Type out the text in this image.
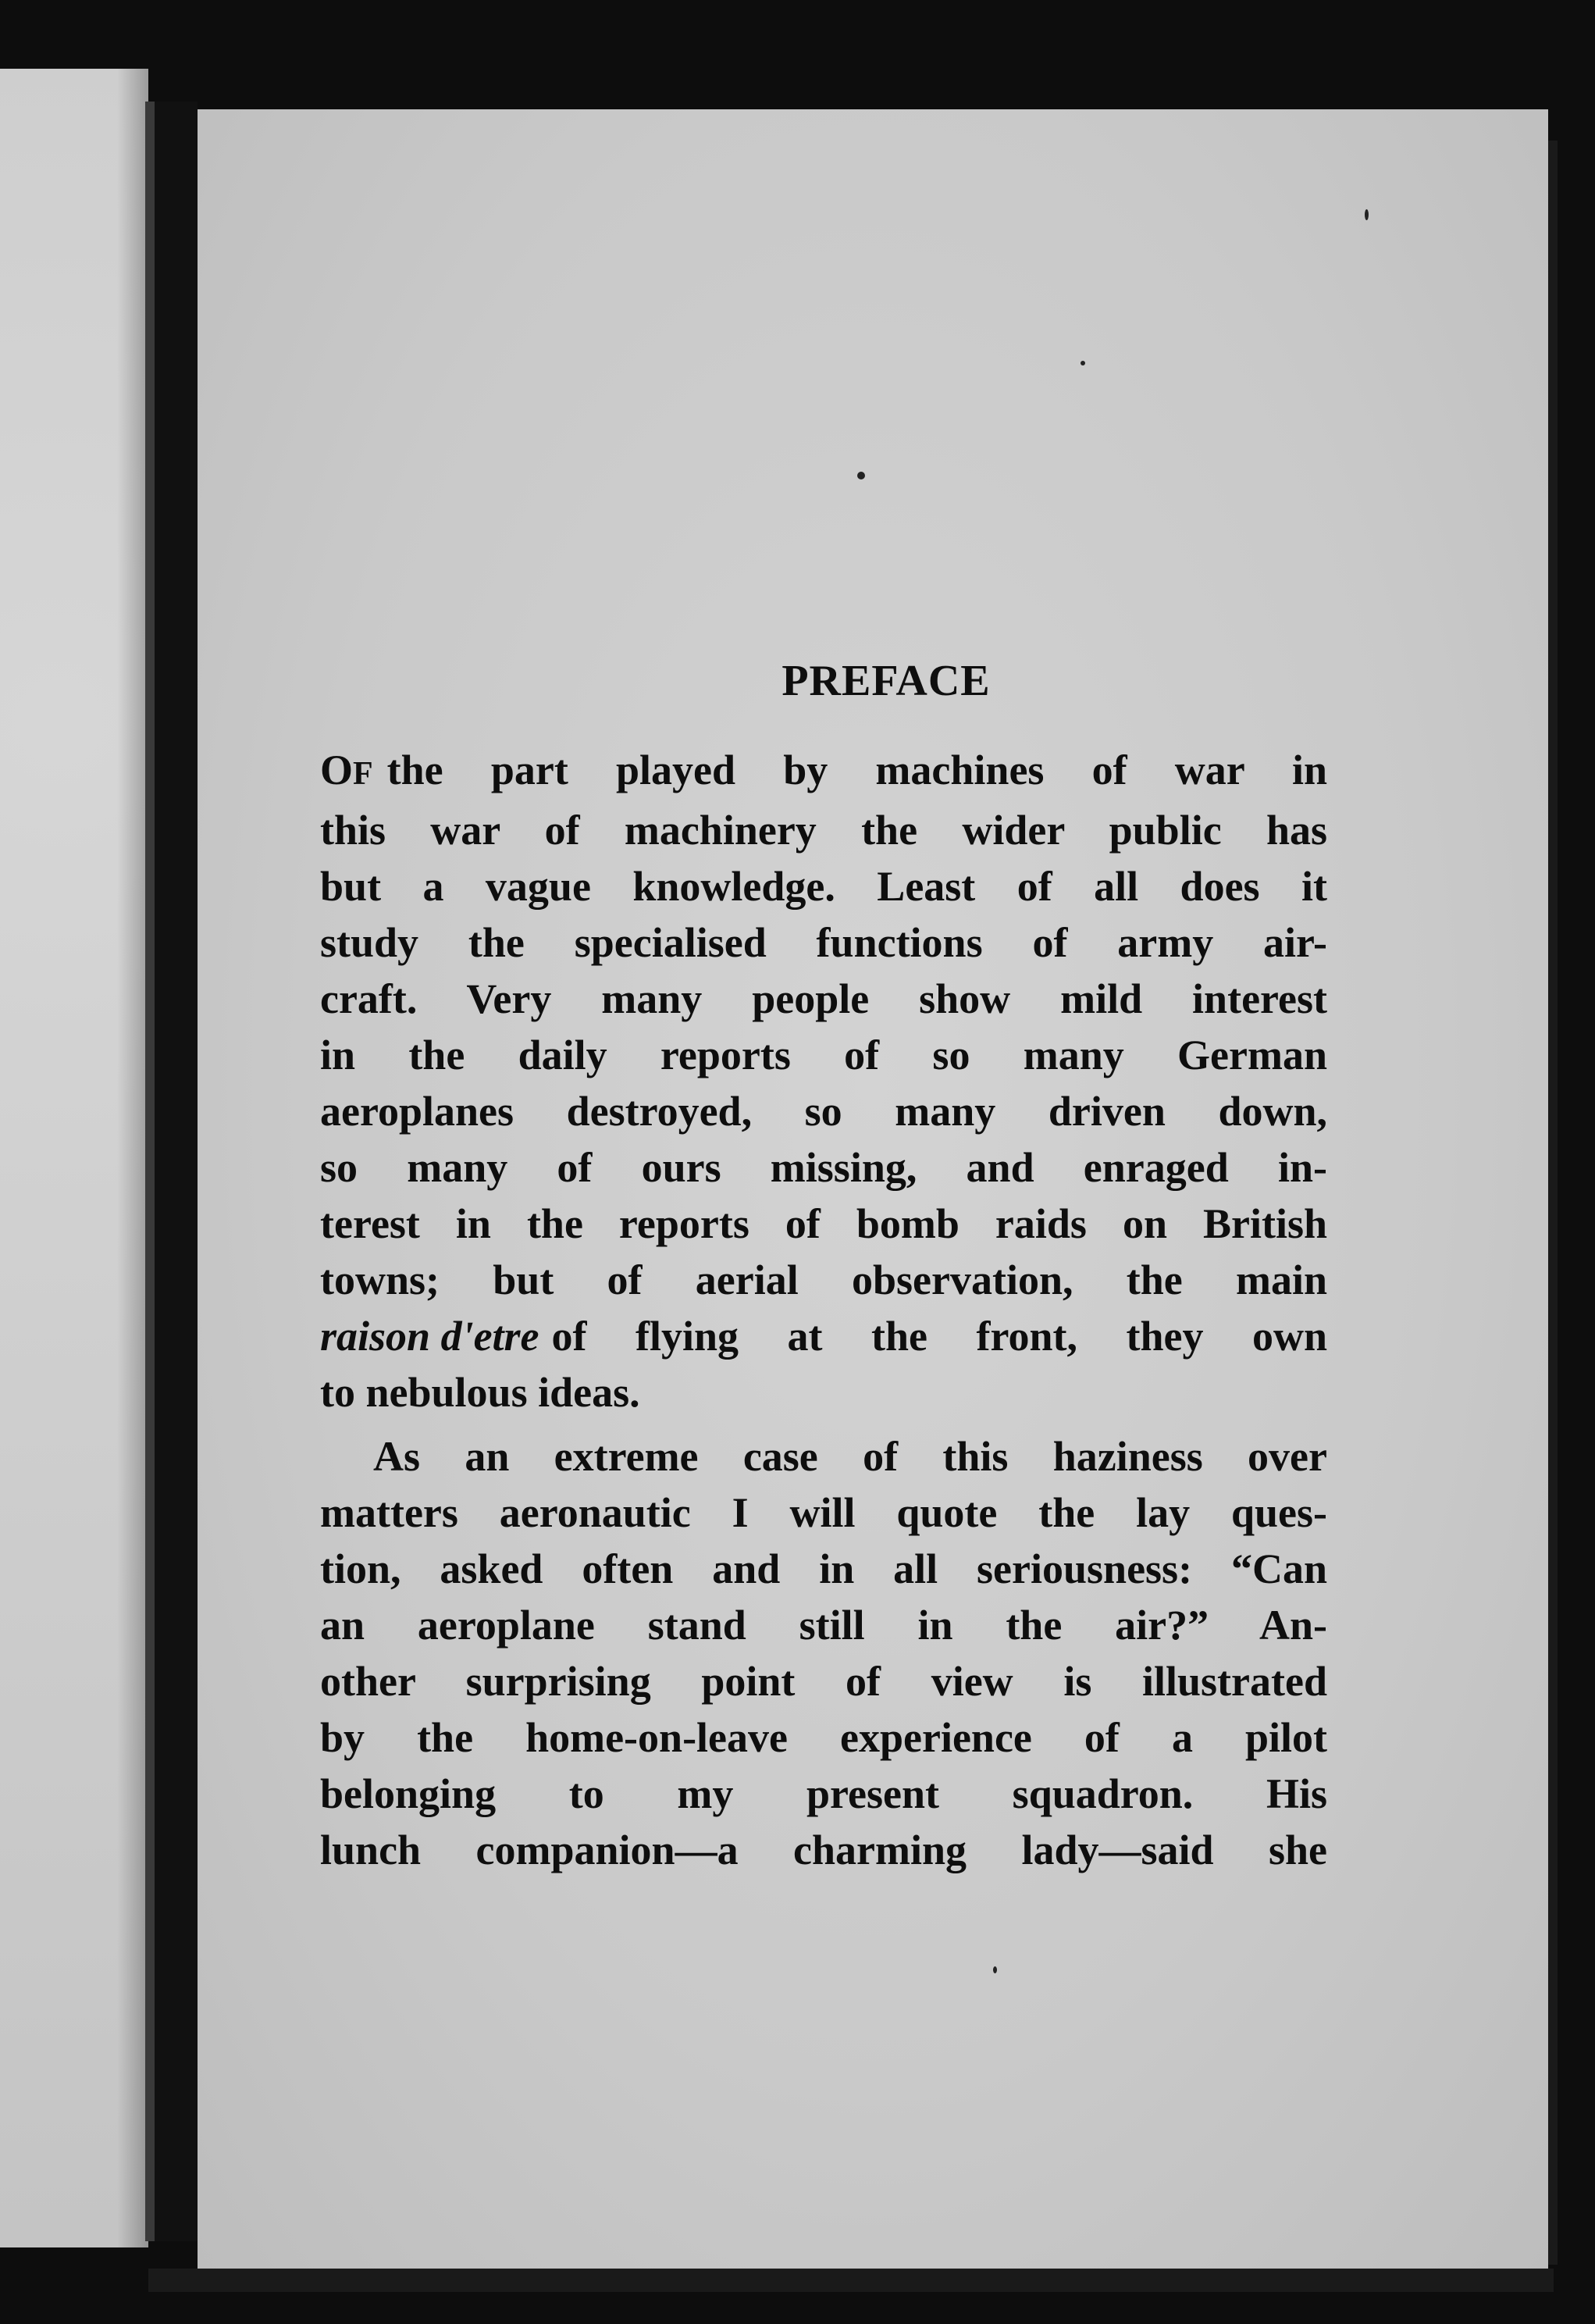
PREFACE
OF the part played by machines of war in
this war of machinery the wider public has
but a vague knowledge. Least of all does it
study the specialised functions of army air-
craft. Very many people show mild interest
in the daily reports of so many German
aeroplanes destroyed, so many driven down,
so many of ours missing, and enraged in-
terest in the reports of bomb raids on British
towns; but of aerial observation, the main
raison d'etre of flying at the front, they own
to nebulous ideas.
As an extreme case of this haziness over
matters aeronautic I will quote the lay ques-
tion, asked often and in all seriousness: “Can
an aeroplane stand still in the air?” An-
other surprising point of view is illustrated
by the home-on-leave experience of a pilot
belonging to my present squadron. His
lunch companion—a charming lady—said she
